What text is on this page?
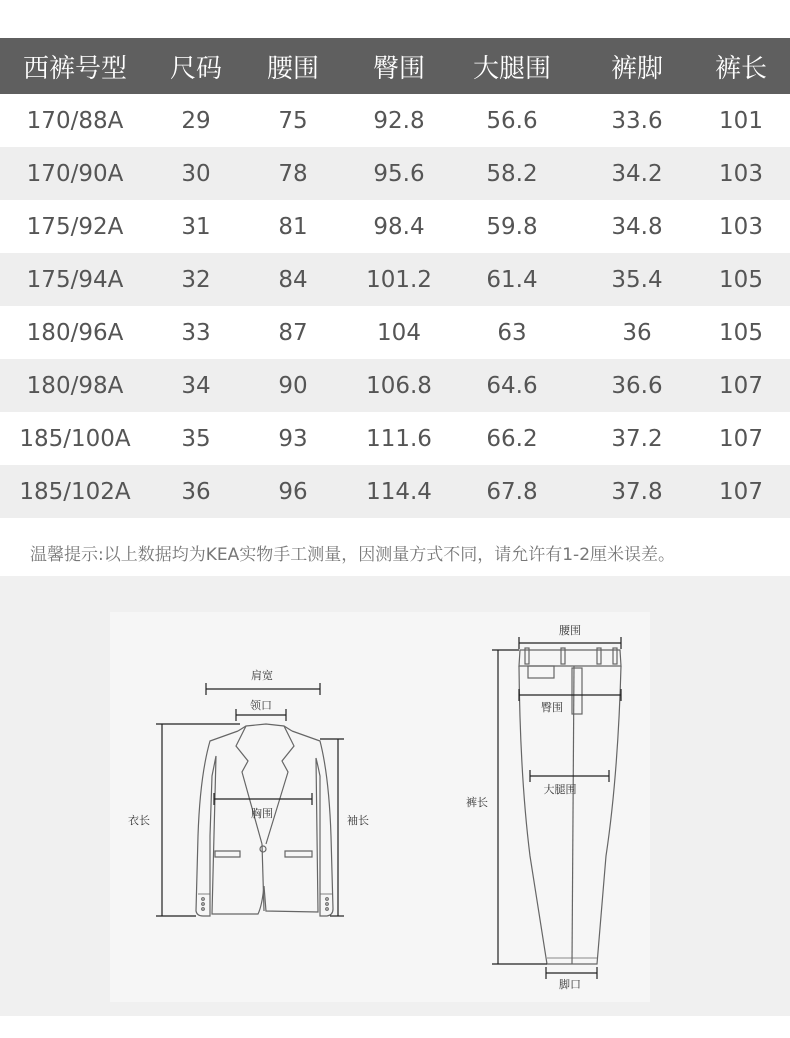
西裤号型 尺码 腰围 臀围 大腿围 裤脚 裤长
170/88A	29	75	92.8	56.6	33.6 101
170/90A	30	78	95.6	58.2	34.2 103
175/92A	31	81	98.4	59.8	34.8 103
175/94A	32	84	101.2 61.4	35.4 105
180/96A	33	87	104	63	36	105
180/98A	34	90	106.8 64.6	36.6 107
185/100A 35	93	111.6 66.2	37.2 107
185/102A 36	96	114.4 67.8	37.8 107
温馨提示:以上数据均为KEA实物手工测量，因测量方式不同，请允许有1-2厘米误差。
肩宽
领口
胸围
衣长	袖长
腰围
臀围
大腿围
裤长
脚口
